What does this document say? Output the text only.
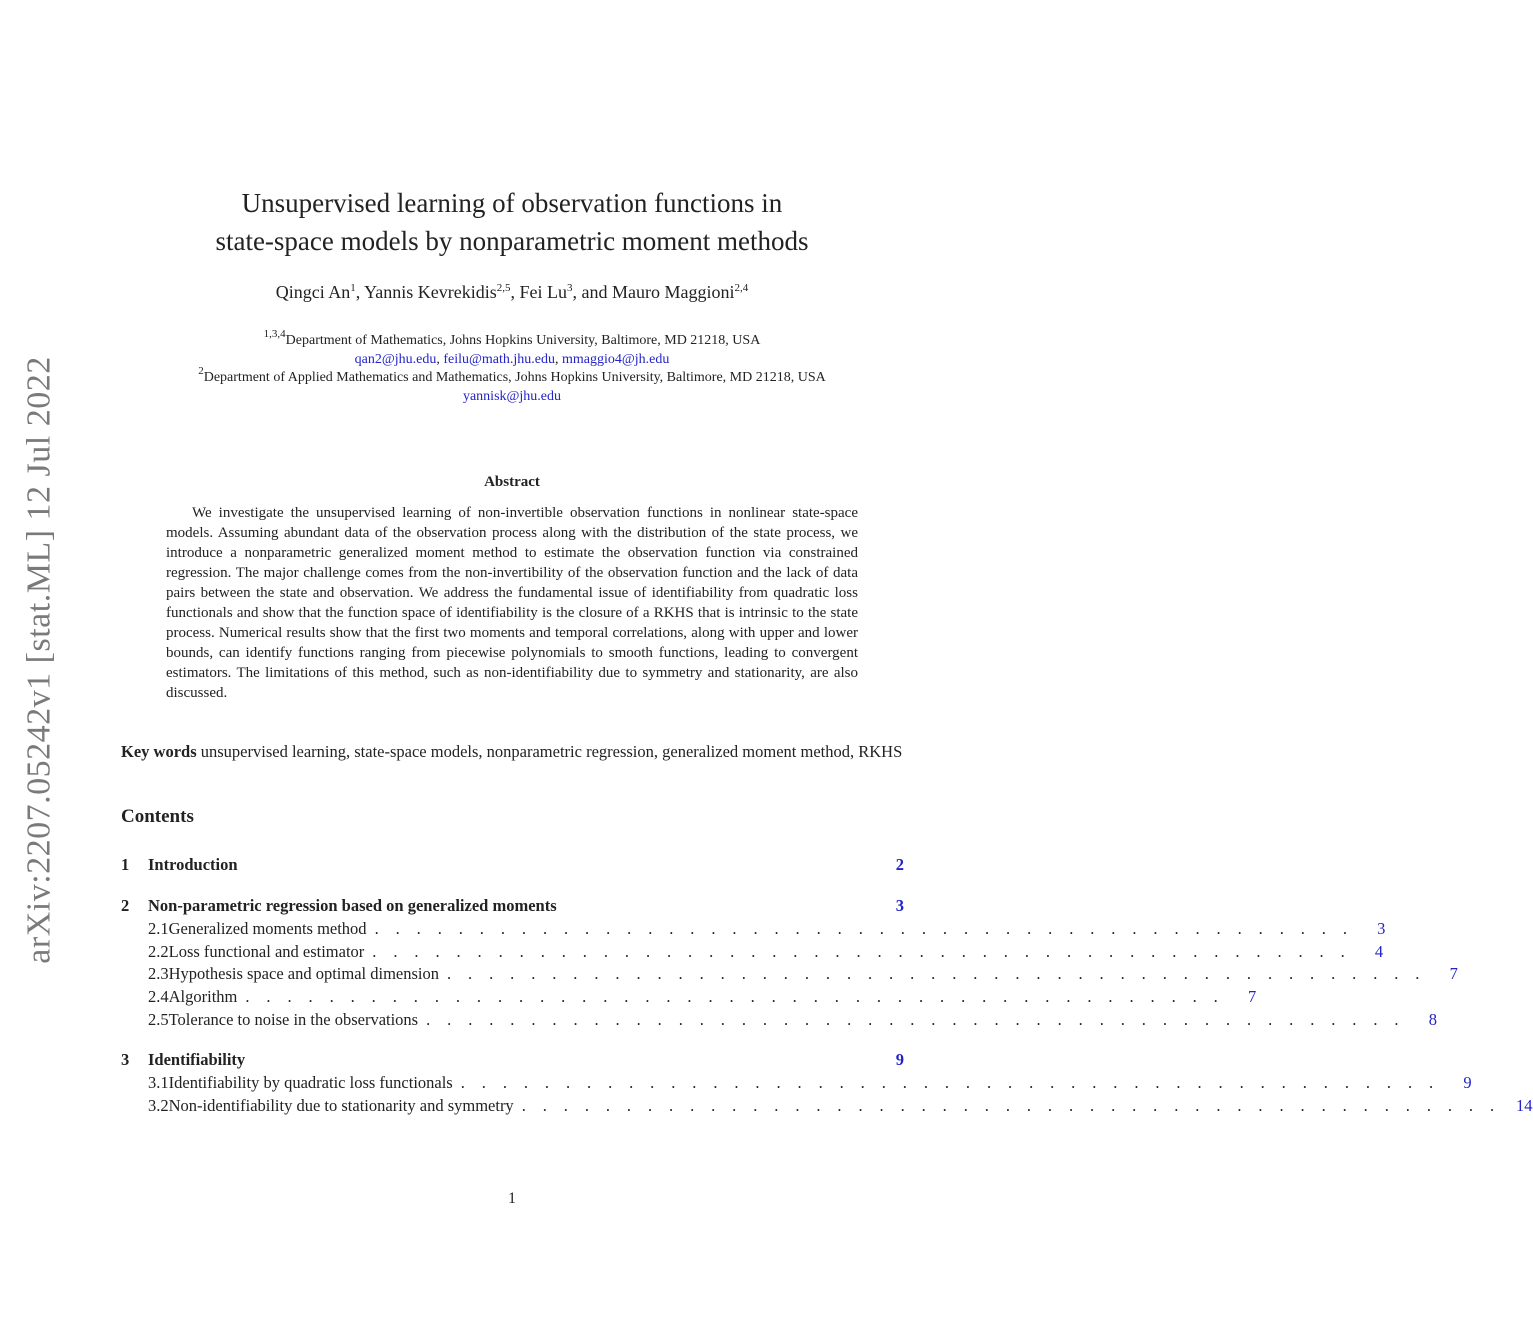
arXiv:2207.05242v1 [stat.ML] 12 Jul 2022
Unsupervised learning of observation functions in
state-space models by nonparametric moment methods
Qingci An$^1$, Yannis Kevrekidis$^{2,5}$, Fei Lu$^3$, and Mauro Maggioni$^{2,4}$
$^{1,3,4}$Department of Mathematics, Johns Hopkins University, Baltimore, MD 21218, USA
qan2@jhu.edu, feilu@math.jhu.edu, mmaggio4@jh.edu
$^2$Department of Applied Mathematics and Mathematics, Johns Hopkins University, Baltimore, MD 21218, USA
yannisk@jhu.edu
Abstract
We investigate the unsupervised learning of non-invertible observation functions in nonlinear state-space models. Assuming abundant data of the observation process along with the distribution of the state process, we introduce a nonparametric generalized moment method to estimate the observation function via constrained regression. The major challenge comes from the non-invertibility of the observation function and the lack of data pairs between the state and observation. We address the fundamental issue of identifiability from quadratic loss functionals and show that the function space of identifiability is the closure of a RKHS that is intrinsic to the state process. Numerical results show that the first two moments and temporal correlations, along with upper and lower bounds, can identify functions ranging from piecewise polynomials to smooth functions, leading to convergent estimators. The limitations of this method, such as non-identifiability due to symmetry and stationarity, are also discussed.
Key words unsupervised learning, state-space models, nonparametric regression, generalized moment method, RKHS
Contents
1	Introduction	2
2	Non-parametric regression based on generalized moments	3
2.1 Generalized moments method . . . . . . . . . . . . . . . . . . . . . . . . . . . . . . . . . . . . . . . . . . . . . . .	3
2.2 Loss functional and estimator . . . . . . . . . . . . . . . . . . . . . . . . . . . . . . . . . . . . . . . . . . . . . . .	4
2.3 Hypothesis space and optimal dimension . . . . . . . . . . . . . . . . . . . . . . . . . . . . . . . . . . . . . . . . . . . . . . .	7
2.4 Algorithm . . . . . . . . . . . . . . . . . . . . . . . . . . . . . . . . . . . . . . . . . . . . . . .	7
2.5 Tolerance to noise in the observations . . . . . . . . . . . . . . . . . . . . . . . . . . . . . . . . . . . . . . . . . . . . . . .	8
3	Identifiability	9
3.1 Identifiability by quadratic loss functionals . . . . . . . . . . . . . . . . . . . . . . . . . . . . . . . . . . . . . . . . . . . . . . .	9
3.2 Non-identifiability due to stationarity and symmetry . . . . . . . . . . . . . . . . . . . . . . . . . . . . . . . . . . . . . . . . . . . . . . . 14
1
